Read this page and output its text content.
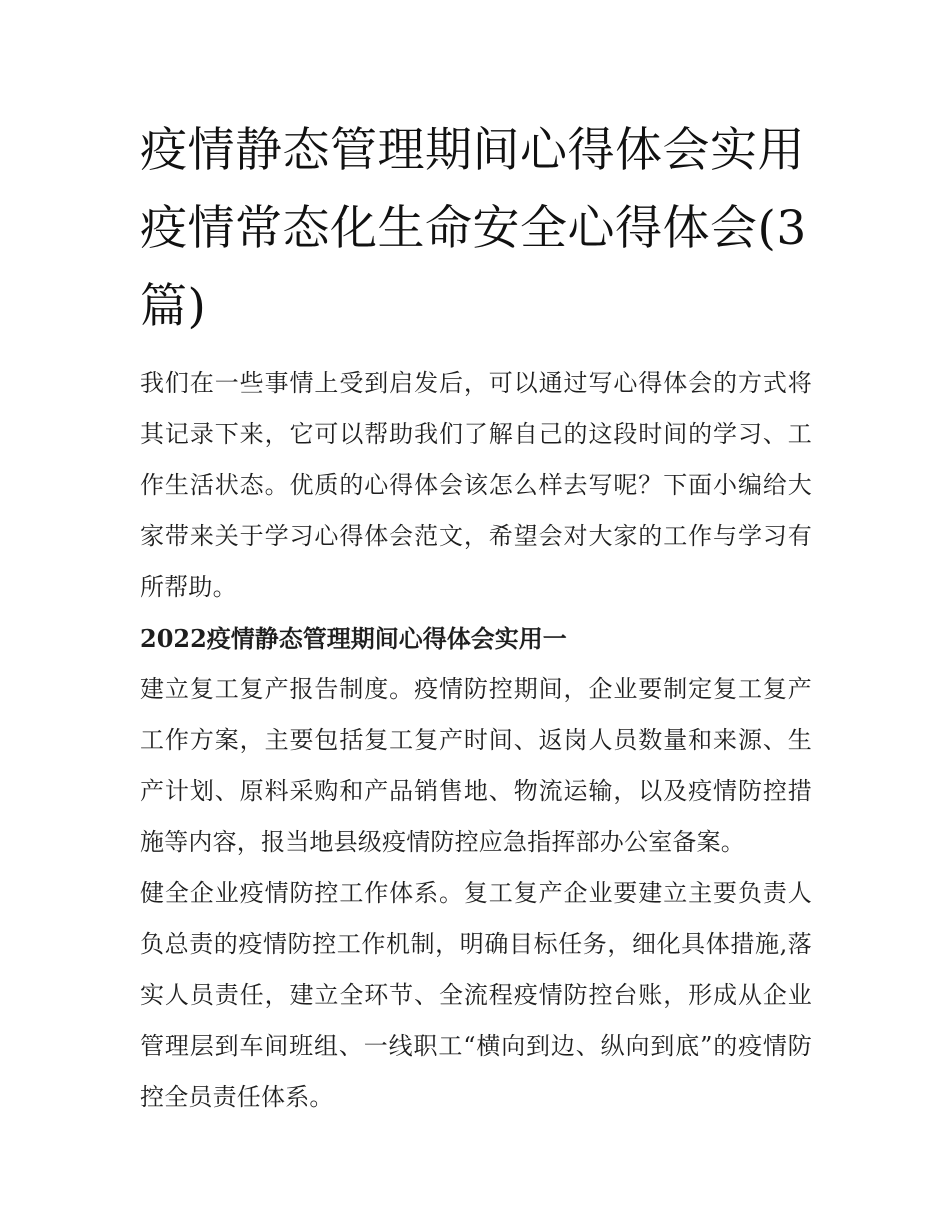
疫情静态管理期间心得体会实用 疫情常态化生命安全心得体会(3篇)

我们在一些事情上受到启发后，可以通过写心得体会的方式将其记录下来，它可以帮助我们了解自己的这段时间的学习、工作生活状态。优质的心得体会该怎么样去写呢？下面小编给大家带来关于学习心得体会范文，希望会对大家的工作与学习有所帮助。

2022疫情静态管理期间心得体会实用一

建立复工复产报告制度。疫情防控期间，企业要制定复工复产工作方案，主要包括复工复产时间、返岗人员数量和来源、生产计划、原料采购和产品销售地、物流运输，以及疫情防控措施等内容，报当地县级疫情防控应急指挥部办公室备案。

健全企业疫情防控工作体系。复工复产企业要建立主要负责人负总责的疫情防控工作机制，明确目标任务，细化具体措施,落实人员责任，建立全环节、全流程疫情防控台账，形成从企业管理层到车间班组、一线职工“横向到边、纵向到底”的疫情防控全员责任体系。
